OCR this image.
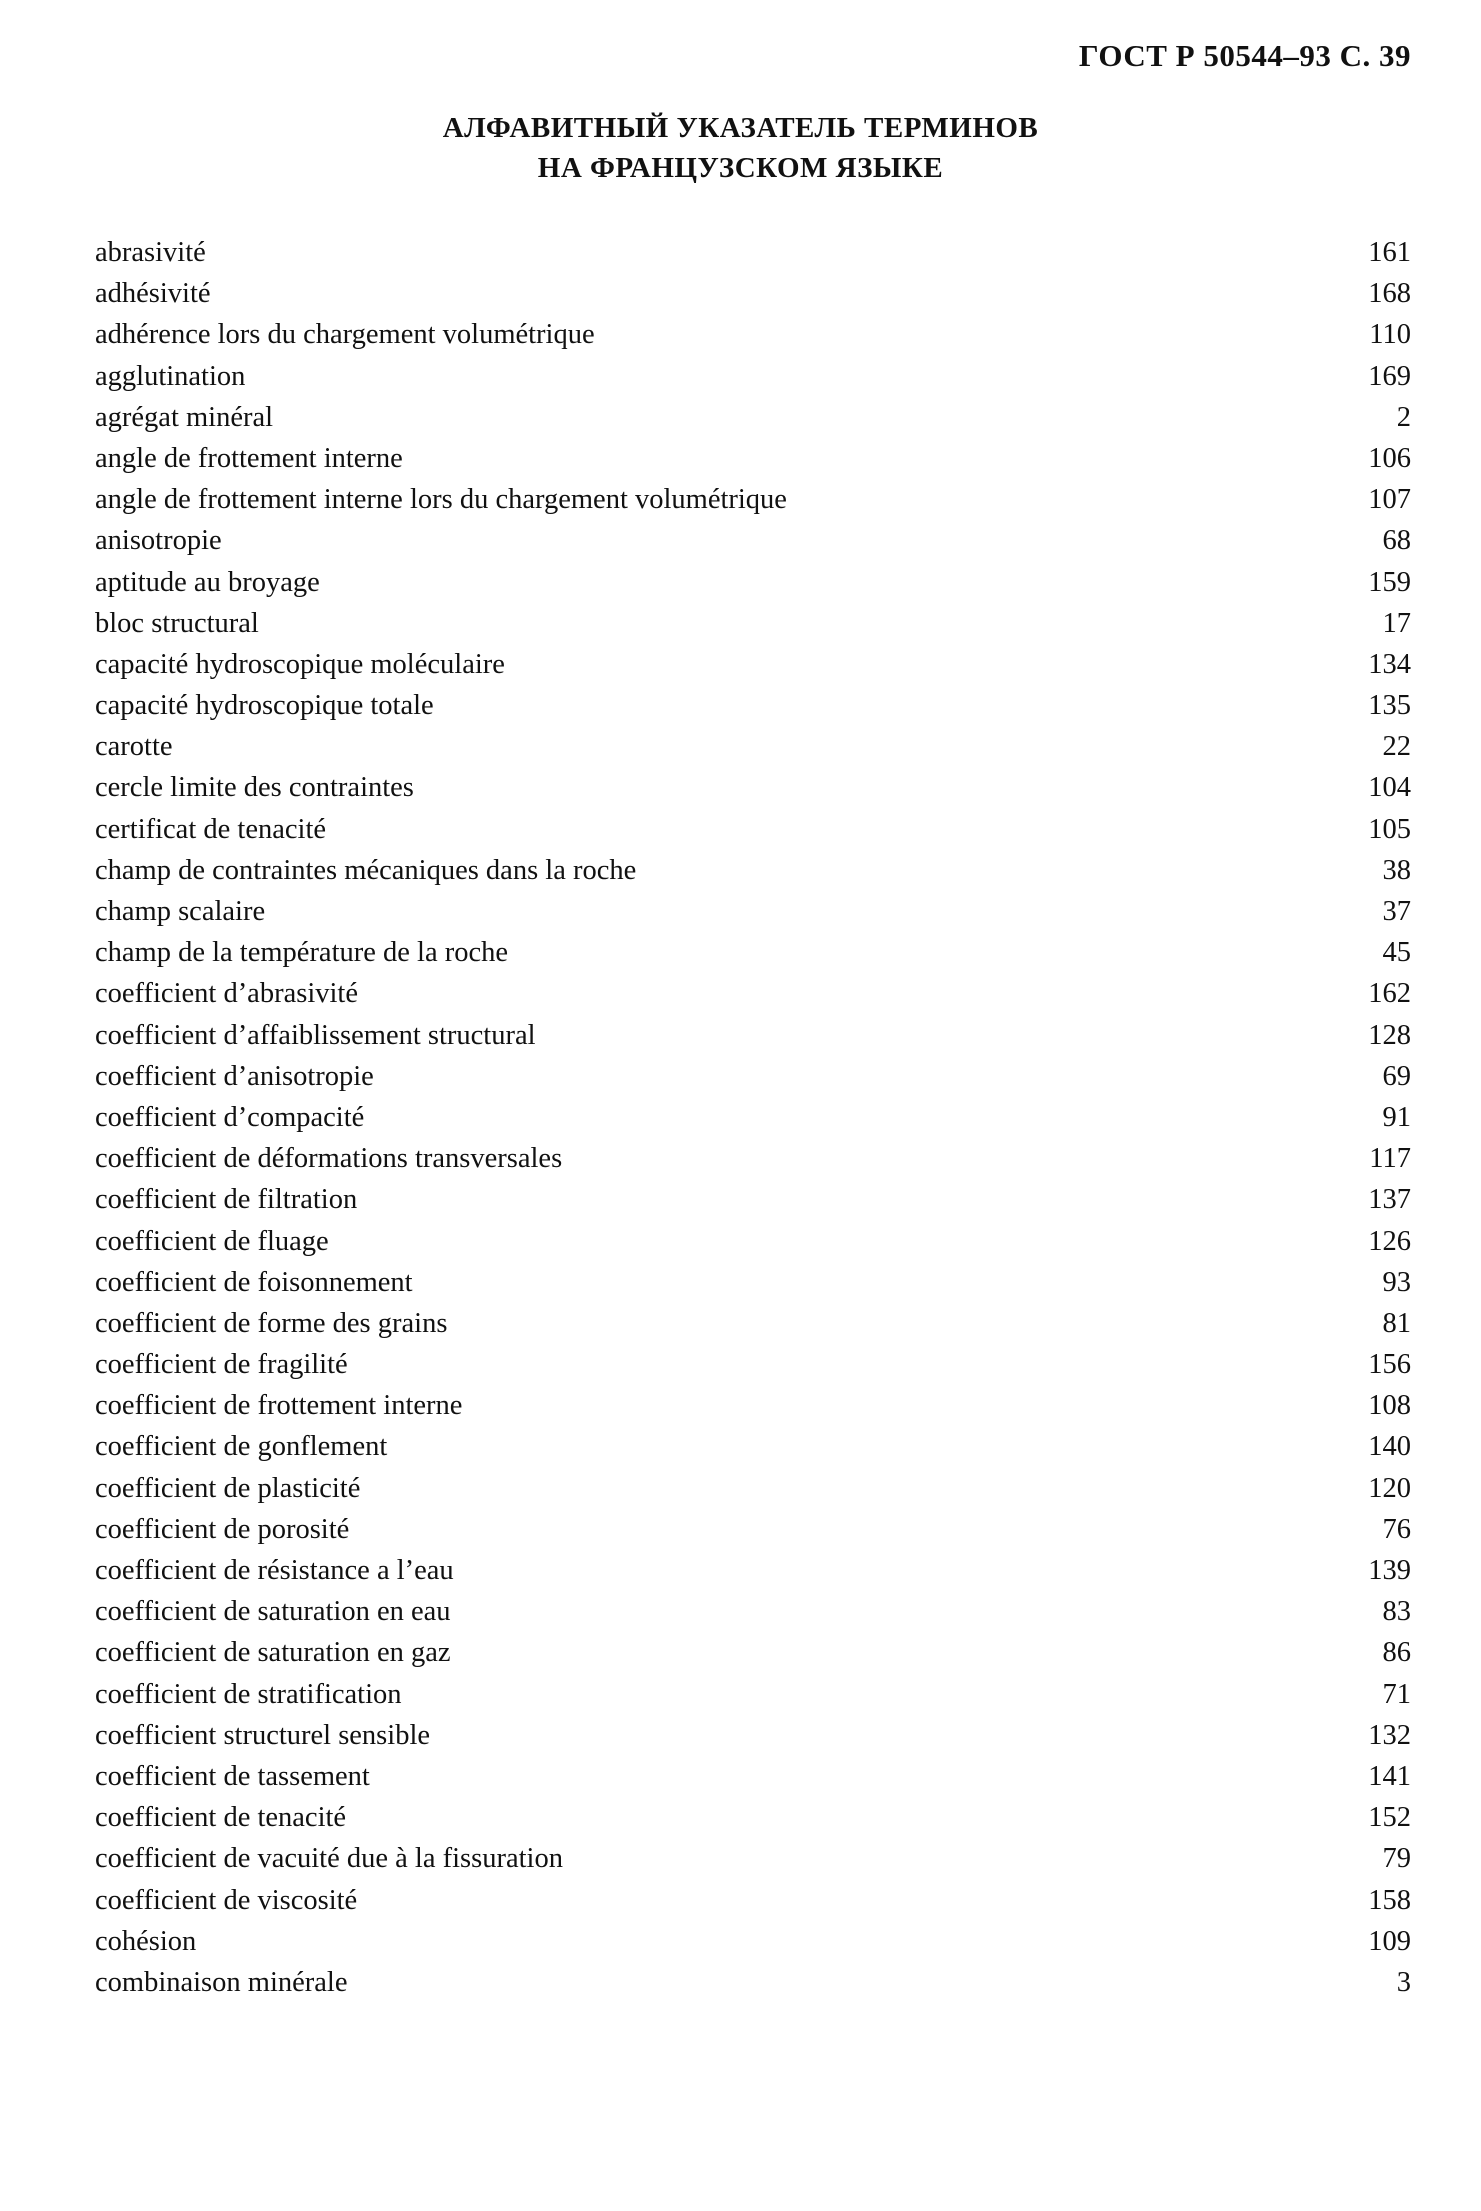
ГОСТ Р 50544–93 С. 39
АЛФАВИТНЫЙ УКАЗАТЕЛЬ ТЕРМИНОВ
НА ФРАНЦУЗСКОМ ЯЗЫКЕ
abrasivité	161
adhésivité	168
adhérence lors du chargement volumétrique	110
agglutination	169
agrégat minéral	2
angle de frottement interne	106
angle de frottement interne lors du chargement volumétrique	107
anisotropie	68
aptitude au broyage	159
bloc structural	17
capacité hydroscopique moléculaire	134
capacité hydroscopique totale	135
carotte	22
cercle limite des contraintes	104
certificat de tenacité	105
champ de contraintes mécaniques dans la roche	38
champ scalaire	37
champ de la température de la roche	45
coefficient d’abrasivité	162
coefficient d’affaiblissement structural	128
coefficient d’anisotropie	69
coefficient d’compacité	91
coefficient de déformations transversales	117
coefficient de filtration	137
coefficient de fluage	126
coefficient de foisonnement	93
coefficient de forme des grains	81
coefficient de fragilité	156
coefficient de frottement interne	108
coefficient de gonflement	140
coefficient de plasticité	120
coefficient de porosité	76
coefficient de résistance a l’eau	139
coefficient de saturation en eau	83
coefficient de saturation en gaz	86
coefficient de stratification	71
coefficient structurel sensible	132
coefficient de tassement	141
coefficient de tenacité	152
coefficient de vacuité due à la fissuration	79
coefficient de viscosité	158
cohésion	109
combinaison minérale	3
